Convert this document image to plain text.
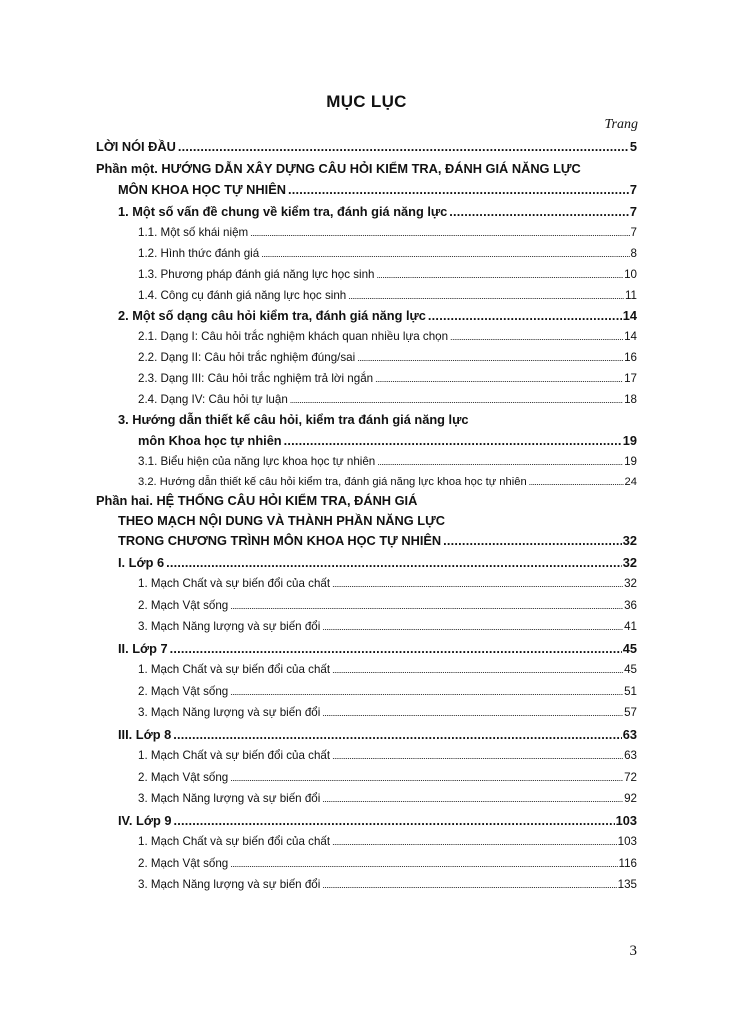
MỤC LỤC
Trang
LỜI NÓI ĐẦU .....	5
Phần một. HƯỚNG DẪN XÂY DỰNG CÂU HỎI KIỂM TRA, ĐÁNH GIÁ NĂNG LỰC
MÔN KHOA HỌC TỰ NHIÊN .....	7
1. Một số vấn đề chung về kiểm tra, đánh giá năng lực .....	7
1.1. Một số khái niệm .....	7
1.2. Hình thức đánh giá .....	8
1.3. Phương pháp đánh giá năng lực học sinh .....	10
1.4. Công cụ đánh giá năng lực học sinh .....	11
2. Một số dạng câu hỏi kiểm tra, đánh giá năng lực .....	14
2.1. Dạng I: Câu hỏi trắc nghiệm khách quan nhiều lựa chọn .....	14
2.2. Dạng II: Câu hỏi trắc nghiệm đúng/sai .....	16
2.3. Dạng III: Câu hỏi trắc nghiệm trả lời ngắn .....	17
2.4. Dạng IV: Câu hỏi tự luận .....	18
3. Hướng dẫn thiết kế câu hỏi, kiểm tra đánh giá năng lực
môn Khoa học tự nhiên .....	19
3.1. Biểu hiện của năng lực khoa học tự nhiên .....	19
3.2. Hướng dẫn thiết kế câu hỏi kiểm tra, đánh giá năng lực khoa học tự nhiên .....	24
Phần hai. HỆ THỐNG CÂU HỎI KIỂM TRA, ĐÁNH GIÁ
THEO MẠCH NỘI DUNG VÀ THÀNH PHẦN NĂNG LỰC
TRONG CHƯƠNG TRÌNH MÔN KHOA HỌC TỰ NHIÊN .....	32
I. Lớp 6 .....	32
1. Mạch Chất và sự biến đổi của chất .....	32
2. Mạch Vật sống .....	36
3. Mạch Năng lượng và sự biến đổi .....	41
II. Lớp 7 .....	45
1. Mạch Chất và sự biến đổi của chất .....	45
2. Mạch Vật sống .....	51
3. Mạch Năng lượng và sự biến đổi .....	57
III. Lớp 8 .....	63
1. Mạch Chất và sự biến đổi của chất .....	63
2. Mạch Vật sống .....	72
3. Mạch Năng lượng và sự biến đổi .....	92
IV. Lớp 9 .....	103
1. Mạch Chất và sự biến đổi của chất .....	103
2. Mạch Vật sống .....	116
3. Mạch Năng lượng và sự biến đổi .....	135
3
